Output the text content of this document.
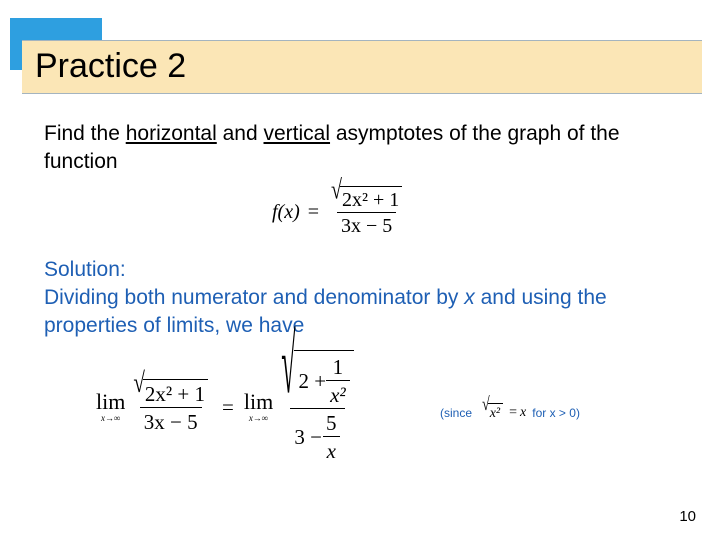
Practice 2
Find the horizontal and vertical asymptotes of the graph of the function
$f(x) = \frac{\text{√ 2x² + 1}}{3x - 5}$
Solution:
Dividing both numerator and denominator by x and using the properties of limits, we have
lim
$x\to\infty \frac{\text{√ 2x² + 1}}{3x - 5} = \lim$
$x\to\infty \frac{√ 2 + \frac{1}{\text{x²}}}{3 - \frac{5}{x}}$	(since √ x² = x for x > 0)
10
